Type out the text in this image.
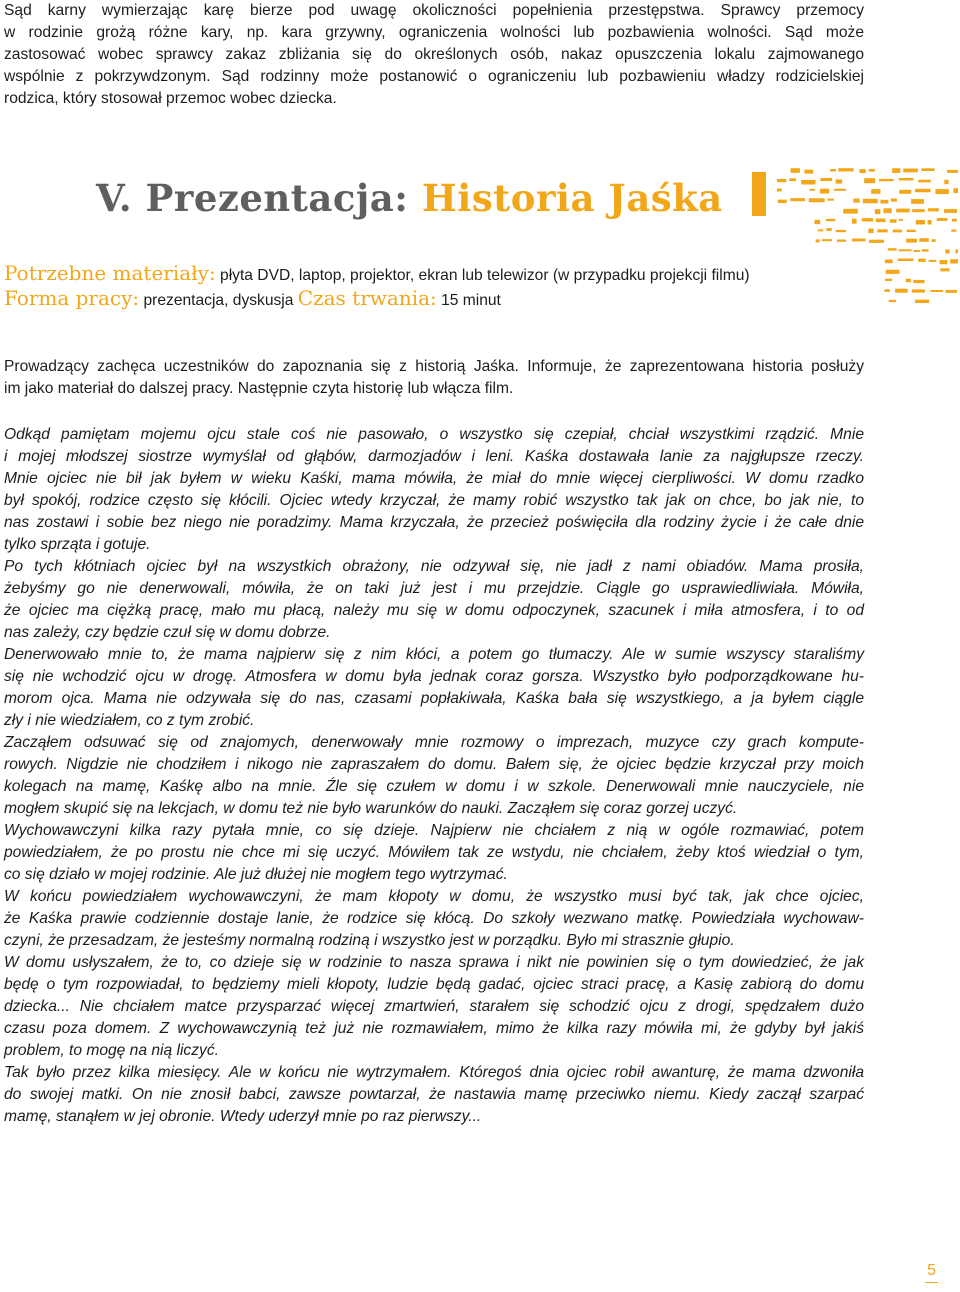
Sąd karny wymierzając karę bierze pod uwagę okoliczności popełnienia przestępstwa. Sprawcy przemocy
w rodzinie grożą różne kary, np. kara grzywny, ograniczenia wolności lub pozbawienia wolności. Sąd może
zastosować wobec sprawcy zakaz zbliżania się do określonych osób, nakaz opuszczenia lokalu zajmowanego
wspólnie z pokrzywdzonym. Sąd rodzinny może postanowić o ograniczeniu lub pozbawieniu władzy rodzicielskiej
rodzica, który stosował przemoc wobec dziecka.
V. Prezentacja: Historia Jaśka
Potrzebne materiały: płyta DVD, laptop, projektor, ekran lub telewizor (w przypadku projekcji filmu)
Forma pracy: prezentacja, dyskusja Czas trwania: 15 minut
Prowadzący zachęca uczestników do zapoznania się z historią Jaśka. Informuje, że zaprezentowana historia posłuży
im jako materiał do dalszej pracy. Następnie czyta historię lub włącza film.
Odkąd pamiętam mojemu ojcu stale coś nie pasowało, o wszystko się czepiał, chciał wszystkimi rządzić. Mnie
i mojej młodszej siostrze wymyślał od głąbów, darmozjadów i leni. Kaśka dostawała lanie za najgłupsze rzeczy.
Mnie ojciec nie bił jak byłem w wieku Kaśki, mama mówiła, że miał do mnie więcej cierpliwości. W domu rzadko
był spokój, rodzice często się kłócili. Ojciec wtedy krzyczał, że mamy robić wszystko tak jak on chce, bo jak nie, to
nas zostawi i sobie bez niego nie poradzimy. Mama krzyczała, że przecież poświęciła dla rodziny życie i że całe dnie
tylko sprząta i gotuje.
Po tych kłótniach ojciec był na wszystkich obrażony, nie odzywał się, nie jadł z nami obiadów. Mama prosiła,
żebyśmy go nie denerwowali, mówiła, że on taki już jest i mu przejdzie. Ciągle go usprawiedliwiała. Mówiła,
że ojciec ma ciężką pracę, mało mu płacą, należy mu się w domu odpoczynek, szacunek i miła atmosfera, i to od
nas zależy, czy będzie czuł się w domu dobrze.
Denerwowało mnie to, że mama najpierw się z nim kłóci, a potem go tłumaczy. Ale w sumie wszyscy staraliśmy
się nie wchodzić ojcu w drogę. Atmosfera w domu była jednak coraz gorsza. Wszystko było podporządkowane hu-
morom ojca. Mama nie odzywała się do nas, czasami popłakiwała, Kaśka bała się wszystkiego, a ja byłem ciągle
zły i nie wiedziałem, co z tym zrobić.
Zacząłem odsuwać się od znajomych, denerwowały mnie rozmowy o imprezach, muzyce czy grach kompute-
rowych. Nigdzie nie chodziłem i nikogo nie zapraszałem do domu. Bałem się, że ojciec będzie krzyczał przy moich
kolegach na mamę, Kaśkę albo na mnie. Źle się czułem w domu i w szkole. Denerwowali mnie nauczyciele, nie
mogłem skupić się na lekcjach, w domu też nie było warunków do nauki. Zacząłem się coraz gorzej uczyć.
Wychowawczyni kilka razy pytała mnie, co się dzieje. Najpierw nie chciałem z nią w ogóle rozmawiać, potem
powiedziałem, że po prostu nie chce mi się uczyć. Mówiłem tak ze wstydu, nie chciałem, żeby ktoś wiedział o tym,
co się działo w mojej rodzinie. Ale już dłużej nie mogłem tego wytrzymać.
W końcu powiedziałem wychowawczyni, że mam kłopoty w domu, że wszystko musi być tak, jak chce ojciec,
że Kaśka prawie codziennie dostaje lanie, że rodzice się kłócą. Do szkoły wezwano matkę. Powiedziała wychowaw-
czyni, że przesadzam, że jesteśmy normalną rodziną i wszystko jest w porządku. Było mi strasznie głupio.
W domu usłyszałem, że to, co dzieje się w rodzinie to nasza sprawa i nikt nie powinien się o tym dowiedzieć, że jak
będę o tym rozpowiadał, to będziemy mieli kłopoty, ludzie będą gadać, ojciec straci pracę, a Kasię zabiorą do domu
dziecka... Nie chciałem matce przysparzać więcej zmartwień, starałem się schodzić ojcu z drogi, spędzałem dużo
czasu poza domem. Z wychowawczynią też już nie rozmawiałem, mimo że kilka razy mówiła mi, że gdyby był jakiś
problem, to mogę na nią liczyć.
Tak było przez kilka miesięcy. Ale w końcu nie wytrzymałem. Któregoś dnia ojciec robił awanturę, że mama dzwoniła
do swojej matki. On nie znosił babci, zawsze powtarzał, że nastawia mamę przeciwko niemu. Kiedy zaczął szarpać
mamę, stanąłem w jej obronie. Wtedy uderzył mnie po raz pierwszy...
5
